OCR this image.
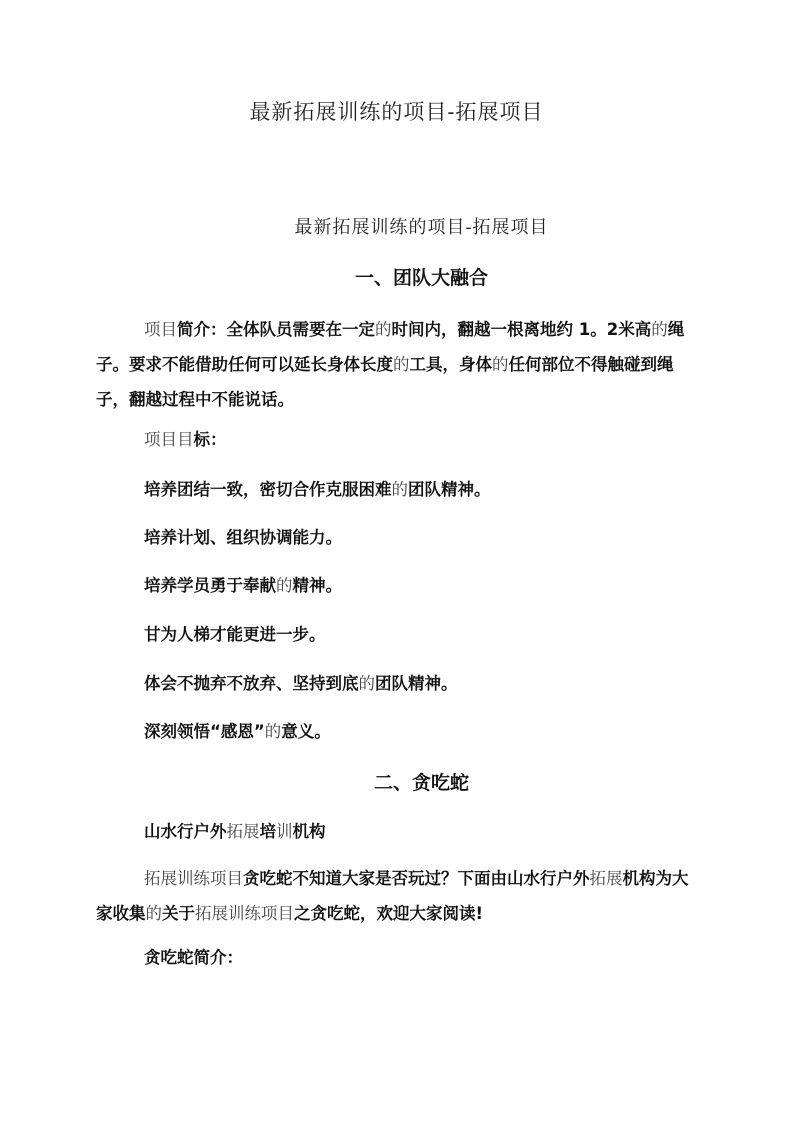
最新拓展训练的项目-拓展项目
最新拓展训练的项目-拓展项目
一、团队大融合
项目简介：全体队员需要在一定的时间内，翻越一根离地约 1。2米高的绳子。要求不能借助任何可以延长身体长度的工具，身体的任何部位不得触碰到绳子，翻越过程中不能说话。
项目目标：
培养团结一致，密切合作克服困难的团队精神。
培养计划、组织协调能力。
培养学员勇于奉献的精神。
甘为人梯才能更进一步。
体会不抛弃不放弃、坚持到底的团队精神。
深刻领悟“感恩”的意义。
二、贪吃蛇
山水行户外拓展培训机构
拓展训练项目贪吃蛇不知道大家是否玩过？下面由山水行户外拓展机构为大家收集的关于拓展训练项目之贪吃蛇，欢迎大家阅读!
贪吃蛇简介：
